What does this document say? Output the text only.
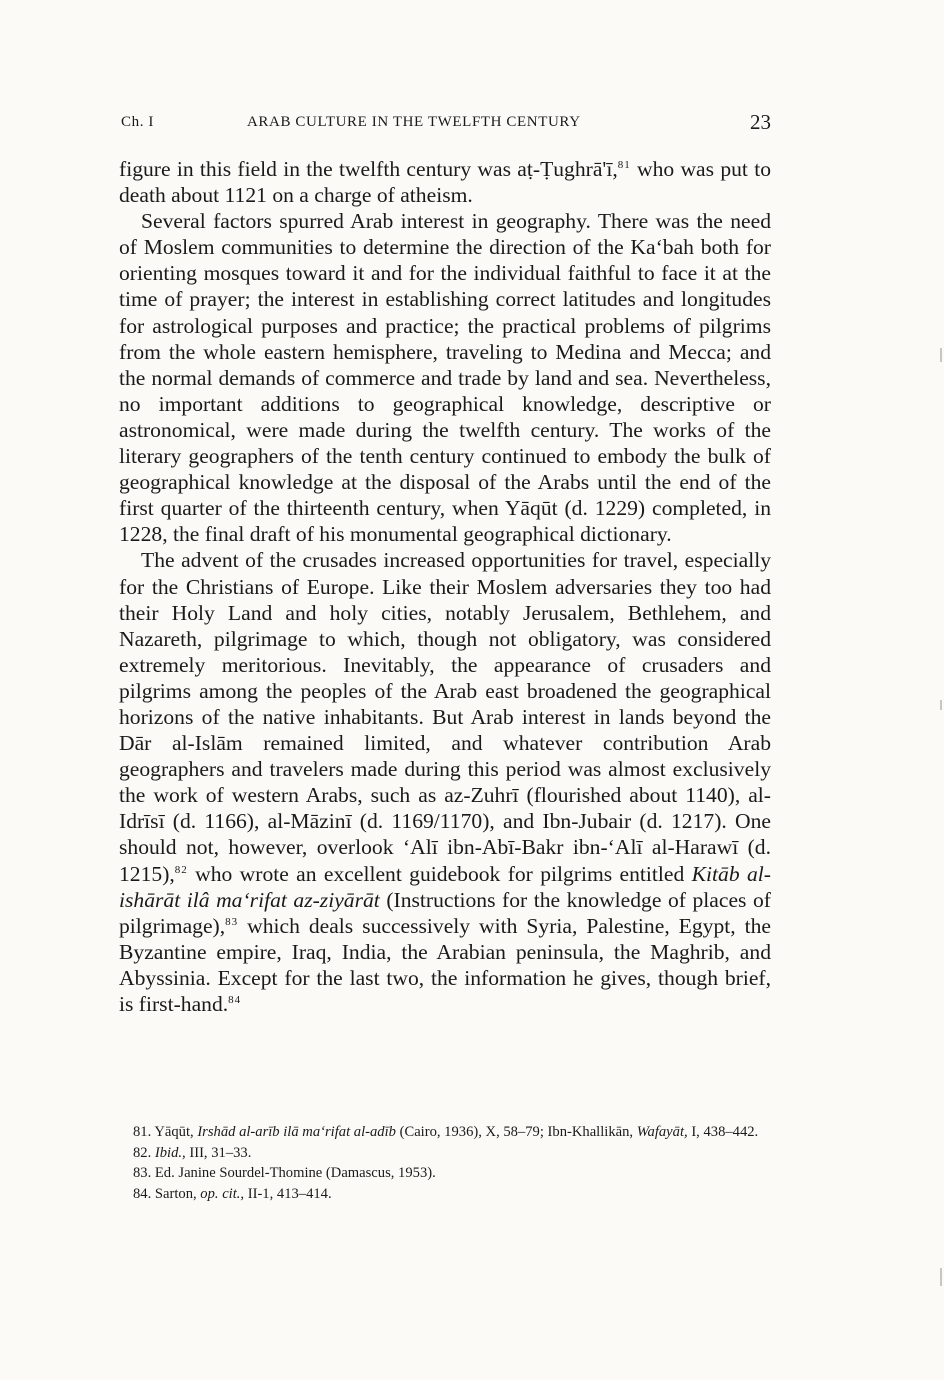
Ch. I	ARAB CULTURE IN THE TWELFTH CENTURY	23

figure in this field in the twelfth century was aṭ-Ṭughrā'ī,$^{81}$ who was put to death about 1121 on a charge of atheism.

Several factors spurred Arab interest in geography. There was the need of Moslem communities to determine the direction of the Ka‘bah both for orienting mosques toward it and for the individual faithful to face it at the time of prayer; the interest in establishing correct latitudes and longitudes for astrological purposes and practice; the practical problems of pilgrims from the whole eastern hemisphere, traveling to Medina and Mecca; and the normal demands of commerce and trade by land and sea. Nevertheless, no important additions to geographical knowledge, descriptive or astronomical, were made during the twelfth century. The works of the literary geographers of the tenth century continued to embody the bulk of geographical knowledge at the disposal of the Arabs until the end of the first quarter of the thirteenth century, when Yāqūt (d. 1229) completed, in 1228, the final draft of his monumental geographical dictionary.

The advent of the crusades increased opportunities for travel, especially for the Christians of Europe. Like their Moslem adversaries they too had their Holy Land and holy cities, notably Jerusalem, Bethlehem, and Nazareth, pilgrimage to which, though not obligatory, was considered extremely meritorious. Inevitably, the appearance of crusaders and pilgrims among the peoples of the Arab east broadened the geographical horizons of the native inhabitants. But Arab interest in lands beyond the Dār al-Islām remained limited, and whatever contribution Arab geographers and travelers made during this period was almost exclusively the work of western Arabs, such as az-Zuhrī (flourished about 1140), al-Idrīsī (d. 1166), al-Māzinī (d. 1169/1170), and Ibn-Jubair (d. 1217). One should not, however, overlook ‘Alī ibn-Abī-Bakr ibn-‘Alī al-Harawī (d. 1215),$^{82}$ who wrote an excellent guidebook for pilgrims entitled Kitāb al-ishārāt ilâ ma‘rifat az-ziyārāt (Instructions for the knowledge of places of pilgrimage),$^{83}$ which deals successively with Syria, Palestine, Egypt, the Byzantine empire, Iraq, India, the Arabian peninsula, the Maghrib, and Abyssinia. Except for the last two, the information he gives, though brief, is first-hand.$^{84}$

81. Yāqūt, Irshād al-arīb ilā ma‘rifat al-adīb (Cairo, 1936), X, 58–79; Ibn-Khallikān, Wafayāt, I, 438–442.

82. Ibid., III, 31–33.

83. Ed. Janine Sourdel-Thomine (Damascus, 1953).

84. Sarton, op. cit., II-1, 413–414.
